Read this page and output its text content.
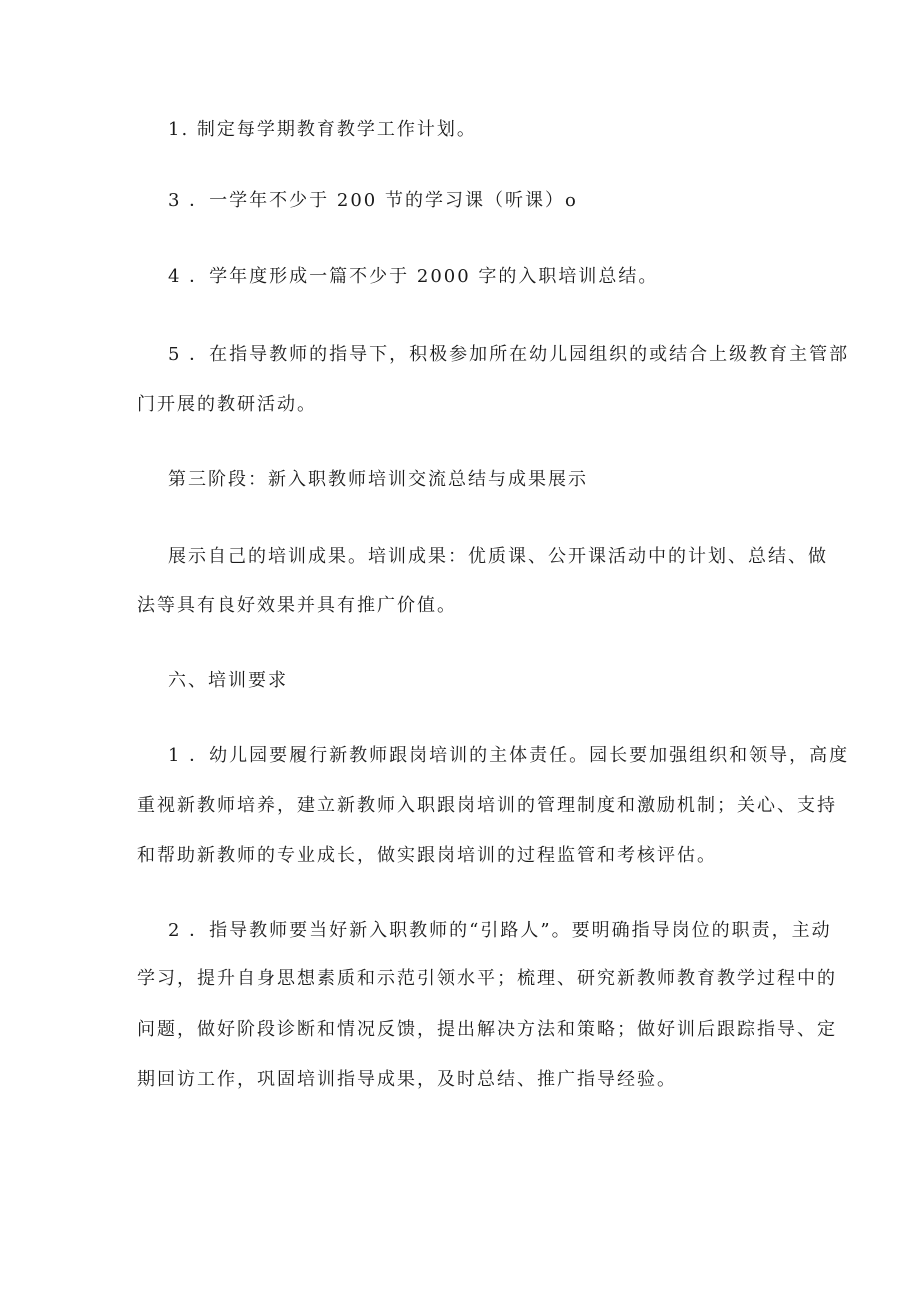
1. 制定每学期教育教学工作计划。
3 ．一学年不少于 200 节的学习课（听课）o
4 ．学年度形成一篇不少于 2000 字的入职培训总结。
5 ．在指导教师的指导下，积极参加所在幼儿园组织的或结合上级教育主管部
门开展的教研活动。
第三阶段：新入职教师培训交流总结与成果展示
展示自己的培训成果。培训成果：优质课、公开课活动中的计划、总结、做
法等具有良好效果并具有推广价值。
六、培训要求
1 ．幼儿园要履行新教师跟岗培训的主体责任。园长要加强组织和领导，高度
重视新教师培养，建立新教师入职跟岗培训的管理制度和激励机制；关心、支持
和帮助新教师的专业成长，做实跟岗培训的过程监管和考核评估。
2 ．指导教师要当好新入职教师的“引路人”。要明确指导岗位的职责，主动
学习，提升自身思想素质和示范引领水平；梳理、研究新教师教育教学过程中的
问题，做好阶段诊断和情况反馈，提出解决方法和策略；做好训后跟踪指导、定
期回访工作，巩固培训指导成果，及时总结、推广指导经验。
